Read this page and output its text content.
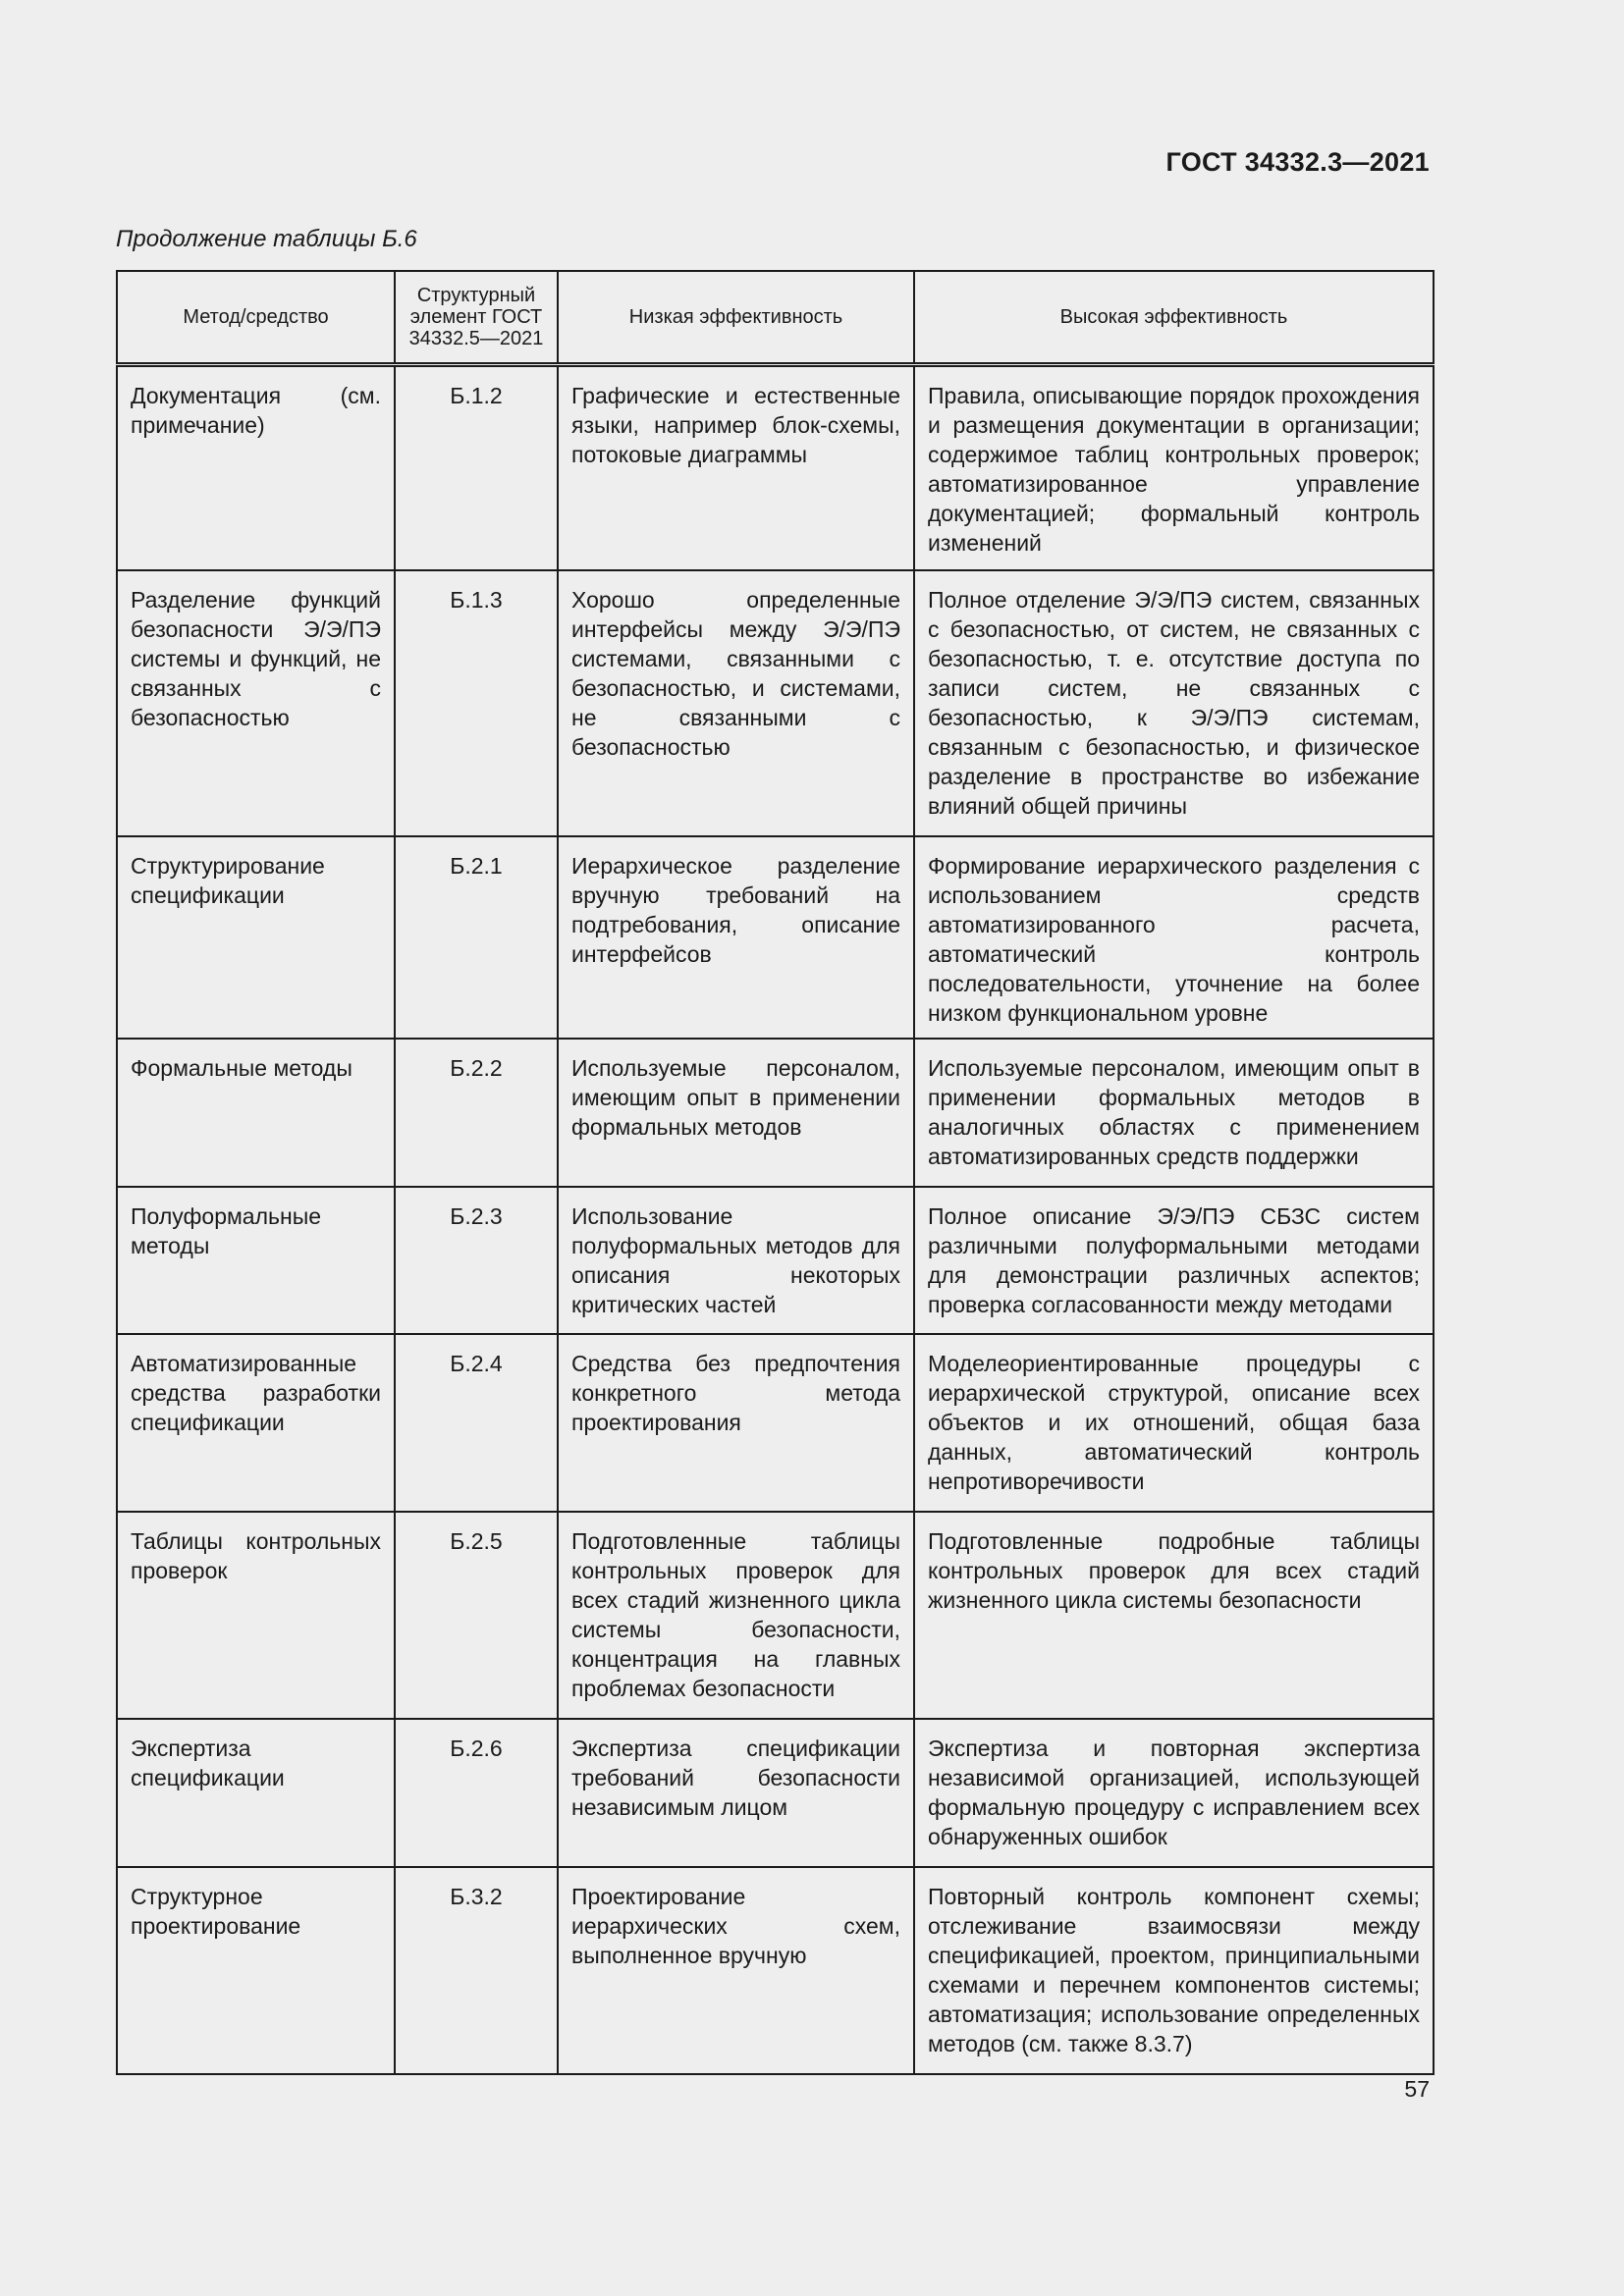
ГОСТ 34332.3—2021
Продолжение таблицы Б.6
Метод/средство	Структурный элемент ГОСТ 34332.5—2021	Низкая эффективность	Высокая эффективность
Документация (см. примечание)	Б.1.2	Графические и естественные языки, например блок-схемы, потоковые диаграммы	Правила, описывающие порядок прохождения и размещения документации в организации; содержимое таблиц контрольных проверок; автоматизированное управление документацией; формальный контроль изменений
Разделение функций безопасности Э/Э/ПЭ системы и функций, не связанных с безопасностью	Б.1.3	Хорошо определенные интерфейсы между Э/Э/ПЭ системами, связанными с безопасностью, и системами, не связанными с безопасностью	Полное отделение Э/Э/ПЭ систем, связанных с безопасностью, от систем, не связанных с безопасностью, т. е. отсутствие доступа по записи систем, не связанных с безопасностью, к Э/Э/ПЭ системам, связанным с безопасностью, и физическое разделение в пространстве во избежание влияний общей причины
Структурирование спецификации	Б.2.1	Иерархическое разделение вручную требований на подтребования, описание интерфейсов	Формирование иерархического разделения с использованием средств автоматизированного расчета, автоматический контроль последовательности, уточнение на более низком функциональном уровне
Формальные методы	Б.2.2	Используемые персоналом, имеющим опыт в применении формальных методов	Используемые персоналом, имеющим опыт в применении формальных методов в аналогичных областях с применением автоматизированных средств поддержки
Полуформальные методы	Б.2.3	Использование полуформальных методов для описания некоторых критических частей	Полное описание Э/Э/ПЭ СБЗС систем различными полуформальными методами для демонстрации различных аспектов; проверка согласованности между методами
Автоматизированные средства разработки спецификации	Б.2.4	Средства без предпочтения конкретного метода проектирования	Моделеориентированные процедуры с иерархической структурой, описание всех объектов и их отношений, общая база данных, автоматический контроль непротиворечивости
Таблицы контрольных проверок	Б.2.5	Подготовленные таблицы контрольных проверок для всех стадий жизненного цикла системы безопасности, концентрация на главных проблемах безопасности	Подготовленные подробные таблицы контрольных проверок для всех стадий жизненного цикла системы безопасности
Экспертиза спецификации	Б.2.6	Экспертиза спецификации требований безопасности независимым лицом	Экспертиза и повторная экспертиза независимой организацией, использующей формальную процедуру с исправлением всех обнаруженных ошибок
Структурное проектирование	Б.3.2	Проектирование иерархических схем, выполненное вручную	Повторный контроль компонент схемы; отслеживание взаимосвязи между спецификацией, проектом, принципиальными схемами и перечнем компонентов системы; автоматизация; использование определенных методов (см. также 8.3.7)
57
